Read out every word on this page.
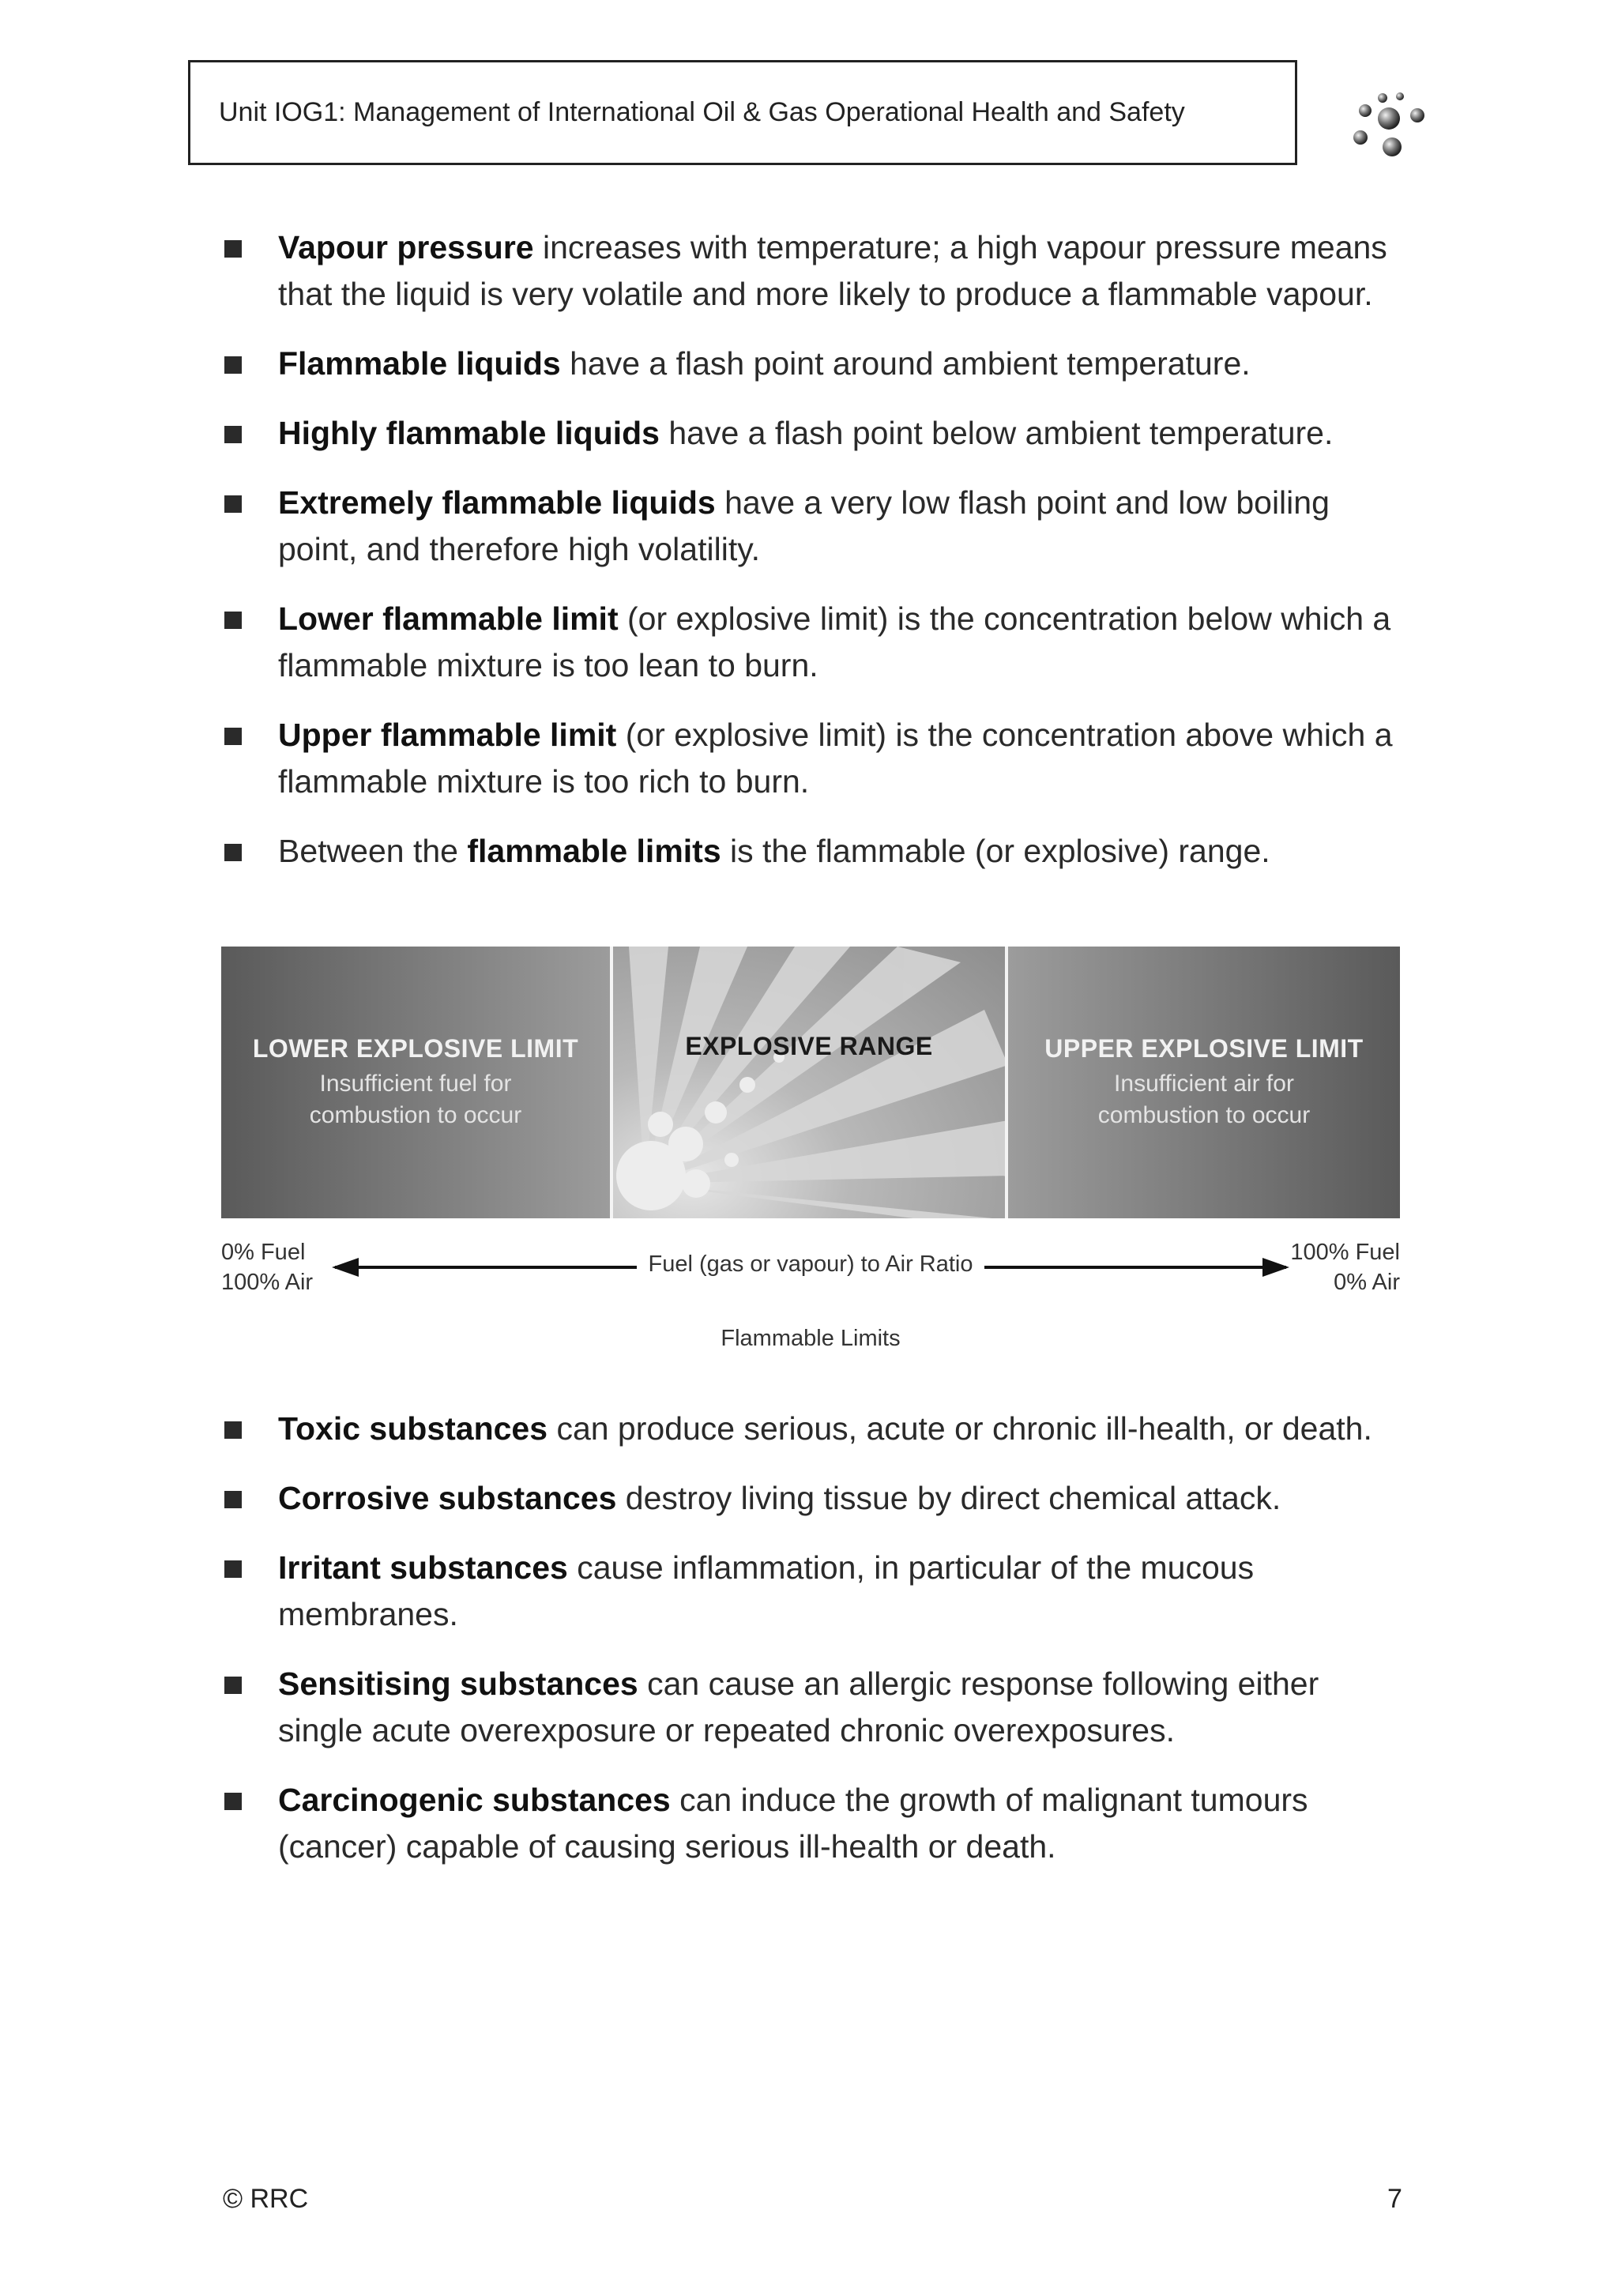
Unit IOG1: Management of International Oil & Gas Operational Health and Safety
Vapour pressure increases with temperature; a high vapour pressure means that the liquid is very volatile and more likely to produce a flammable vapour.
Flammable liquids have a flash point around ambient temperature.
Highly flammable liquids have a flash point below ambient temperature.
Extremely flammable liquids have a very low flash point and low boiling point, and therefore high volatility.
Lower flammable limit (or explosive limit) is the concentration below which a flammable mixture is too lean to burn.
Upper flammable limit (or explosive limit) is the concentration above which a flammable mixture is too rich to burn.
Between the flammable limits is the flammable (or explosive) range.
LOWER EXPLOSIVE LIMIT
Insufficient fuel for
combustion to occur
EXPLOSIVE RANGE	UPPER EXPLOSIVE LIMIT
Insufficient air for
combustion to occur
0% Fuel
100% Air
Fuel (gas or vapour) to Air Ratio	100% Fuel
0% Air
Flammable Limits
Toxic substances can produce serious, acute or chronic ill-health, or death.
Corrosive substances destroy living tissue by direct chemical attack.
Irritant substances cause inflammation, in particular of the mucous membranes.
Sensitising substances can cause an allergic response following either single acute overexposure or repeated chronic overexposures.
Carcinogenic substances can induce the growth of malignant tumours (cancer) capable of causing serious ill-health or death.
© RRC	7
